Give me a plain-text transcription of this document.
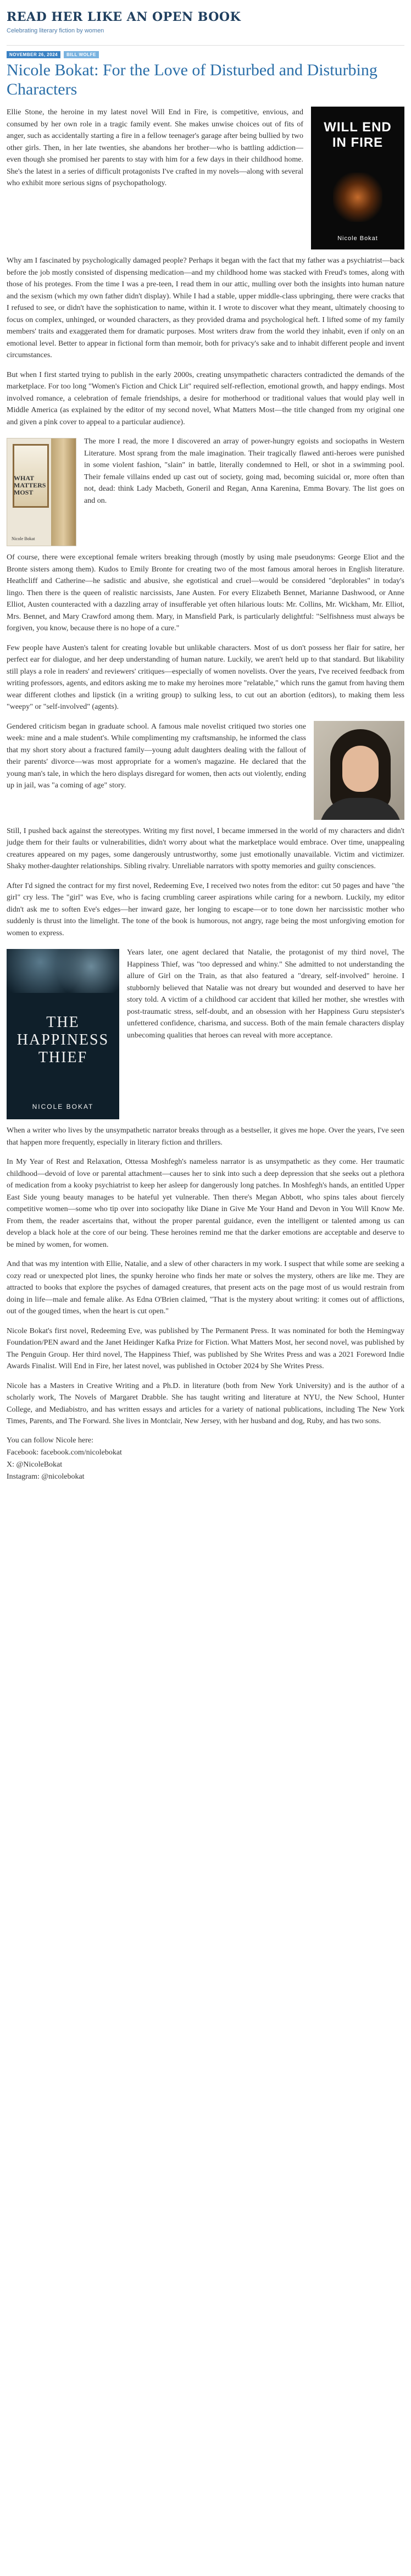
READ HER LIKE AN OPEN BOOK
Celebrating literary fiction by women
NOVEMBER 26, 2024	BILL WOLFE
Nicole Bokat: For the Love of Disturbed and Disturbing Characters
WILL END
IN FIRE
Nicole Bokat

Ellie Stone, the heroine in my latest novel Will End in Fire, is competitive, envious, and consumed by her own role in a tragic family event. She makes unwise choices out of fits of anger, such as accidentally starting a fire in a fellow teenager's garage after being bullied by two other girls. Then, in her late twenties, she abandons her brother—who is battling addiction—even though she promised her parents to stay with him for a few days in their childhood home. She's the latest in a series of difficult protagonists I've crafted in my novels—along with several who exhibit more serious signs of psychopathology.

Why am I fascinated by psychologically damaged people? Perhaps it began with the fact that my father was a psychiatrist—back before the job mostly consisted of dispensing medication—and my childhood home was stacked with Freud's tomes, along with those of his proteges. From the time I was a pre-teen, I read them in our attic, mulling over both the insights into human nature and the sexism (which my own father didn't display). While I had a stable, upper middle-class upbringing, there were cracks that I refused to see, or didn't have the sophistication to name, within it. I wrote to discover what they meant, ultimately choosing to focus on complex, unhinged, or wounded characters, as they provided drama and psychological heft. I lifted some of my family members' traits and exaggerated them for dramatic purposes. Most writers draw from the world they inhabit, even if only on an emotional level. Better to appear in fictional form than memoir, both for privacy's sake and to inhabit different people and invent circumstances.

But when I first started trying to publish in the early 2000s, creating unsympathetic characters contradicted the demands of the marketplace. For too long "Women's Fiction and Chick Lit" required self-reflection, emotional growth, and happy endings. Most involved romance, a celebration of female friendships, a desire for motherhood or traditional values that would play well in Middle America (as explained by the editor of my second novel, What Matters Most—the title changed from my original one and given a pink cover to appeal to a particular audience).

WHAT
MATTERS
MOST
Nicole Bokat

The more I read, the more I discovered an array of power-hungry egoists and sociopaths in Western Literature. Most sprang from the male imagination. Their tragically flawed anti-heroes were punished in some violent fashion, "slain" in battle, literally condemned to Hell, or shot in a swimming pool. Their female villains ended up cast out of society, going mad, becoming suicidal or, more often than not, dead: think Lady Macbeth, Goneril and Regan, Anna Karenina, Emma Bovary. The list goes on and on.

Of course, there were exceptional female writers breaking through (mostly by using male pseudonyms: George Eliot and the Bronte sisters among them). Kudos to Emily Bronte for creating two of the most famous amoral heroes in English literature. Heathcliff and Catherine—he sadistic and abusive, she egotistical and cruel—would be considered "deplorables" in today's lingo. Then there is the queen of realistic narcissists, Jane Austen. For every Elizabeth Bennet, Marianne Dashwood, or Anne Elliot, Austen counteracted with a dazzling array of insufferable yet often hilarious louts: Mr. Collins, Mr. Wickham, Mr. Elliot, Mrs. Bennet, and Mary Crawford among them. Mary, in Mansfield Park, is particularly delightful: "Selfishness must always be forgiven, you know, because there is no hope of a cure."

Few people have Austen's talent for creating lovable but unlikable characters. Most of us don't possess her flair for satire, her perfect ear for dialogue, and her deep understanding of human nature. Luckily, we aren't held up to that standard. But likability still plays a role in readers' and reviewers' critiques—especially of women novelists. Over the years, I've received feedback from writing professors, agents, and editors asking me to make my heroines more "relatable," which runs the gamut from having them wear different clothes and lipstick (in a writing group) to sulking less, to cut out an abortion (editors), to making them less "weepy" or "self-involved" (agents).

Gendered criticism began in graduate school. A famous male novelist critiqued two stories one week: mine and a male student's. While complimenting my craftsmanship, he informed the class that my short story about a fractured family—young adult daughters dealing with the fallout of their parents' divorce—was most appropriate for a women's magazine. He declared that the young man's tale, in which the hero displays disregard for women, then acts out violently, ending up in jail, was "a coming of age" story.

Still, I pushed back against the stereotypes. Writing my first novel, I became immersed in the world of my characters and didn't judge them for their faults or vulnerabilities, didn't worry about what the marketplace would embrace. Over time, unappealing creatures appeared on my pages, some dangerously untrustworthy, some just emotionally unavailable. Victim and victimizer. Shaky mother-daughter relationships. Sibling rivalry. Unreliable narrators with spotty memories and guilty consciences.

After I'd signed the contract for my first novel, Redeeming Eve, I received two notes from the editor: cut 50 pages and have "the girl" cry less. The "girl" was Eve, who is facing crumbling career aspirations while caring for a newborn. Luckily, my editor didn't ask me to soften Eve's edges—her inward gaze, her longing to escape—or to tone down her narcissistic mother who suddenly is thrust into the limelight. The tone of the book is humorous, not angry, rage being the most unforgiving emotion for women to express.

THE
HAPPINESS
THIEF
NICOLE BOKAT

Years later, one agent declared that Natalie, the protagonist of my third novel, The Happiness Thief, was "too depressed and whiny." She admitted to not understanding the allure of Girl on the Train, as that also featured a "dreary, self-involved" heroine. I stubbornly believed that Natalie was not dreary but wounded and deserved to have her story told. A victim of a childhood car accident that killed her mother, she wrestles with post-traumatic stress, self-doubt, and an obsession with her Happiness Guru stepsister's unfettered confidence, charisma, and success. Both of the main female characters display unbecoming qualities that heroes can reveal with more acceptance.

When a writer who lives by the unsympathetic narrator breaks through as a bestseller, it gives me hope. Over the years, I've seen that happen more frequently, especially in literary fiction and thrillers.

In My Year of Rest and Relaxation, Ottessa Moshfegh's nameless narrator is as unsympathetic as they come. Her traumatic childhood—devoid of love or parental attachment—causes her to sink into such a deep depression that she seeks out a plethora of medication from a kooky psychiatrist to keep her asleep for dangerously long patches. In Moshfegh's hands, an entitled Upper East Side young beauty manages to be hateful yet vulnerable. Then there's Megan Abbott, who spins tales about fiercely competitive women—some who tip over into sociopathy like Diane in Give Me Your Hand and Devon in You Will Know Me. From them, the reader ascertains that, without the proper parental guidance, even the intelligent or talented among us can develop a black hole at the core of our being. These heroines remind me that the darker emotions are acceptable and deserve to be mined by women, for women.

And that was my intention with Ellie, Natalie, and a slew of other characters in my work. I suspect that while some are seeking a cozy read or unexpected plot lines, the spunky heroine who finds her mate or solves the mystery, others are like me. They are attracted to books that explore the psyches of damaged creatures, that present acts on the page most of us would restrain from doing in life—male and female alike. As Edna O'Brien claimed, "That is the mystery about writing: it comes out of afflictions, out of the gouged times, when the heart is cut open."

Nicole Bokat's first novel, Redeeming Eve, was published by The Permanent Press. It was nominated for both the Hemingway Foundation/PEN award and the Janet Heidinger Kafka Prize for Fiction. What Matters Most, her second novel, was published by The Penguin Group. Her third novel, The Happiness Thief, was published by She Writes Press and was a 2021 Foreword Indie Awards Finalist. Will End in Fire, her latest novel, was published in October 2024 by She Writes Press.

Nicole has a Masters in Creative Writing and a Ph.D. in literature (both from New York University) and is the author of a scholarly work, The Novels of Margaret Drabble. She has taught writing and literature at NYU, the New School, Hunter College, and Mediabistro, and has written essays and articles for a variety of national publications, including The New York Times, Parents, and The Forward. She lives in Montclair, New Jersey, with her husband and dog, Ruby, and has two sons.

You can follow Nicole here:

Facebook: facebook.com/nicolebokat

X: @NicoleBokat

Instagram: @nicolebokat
